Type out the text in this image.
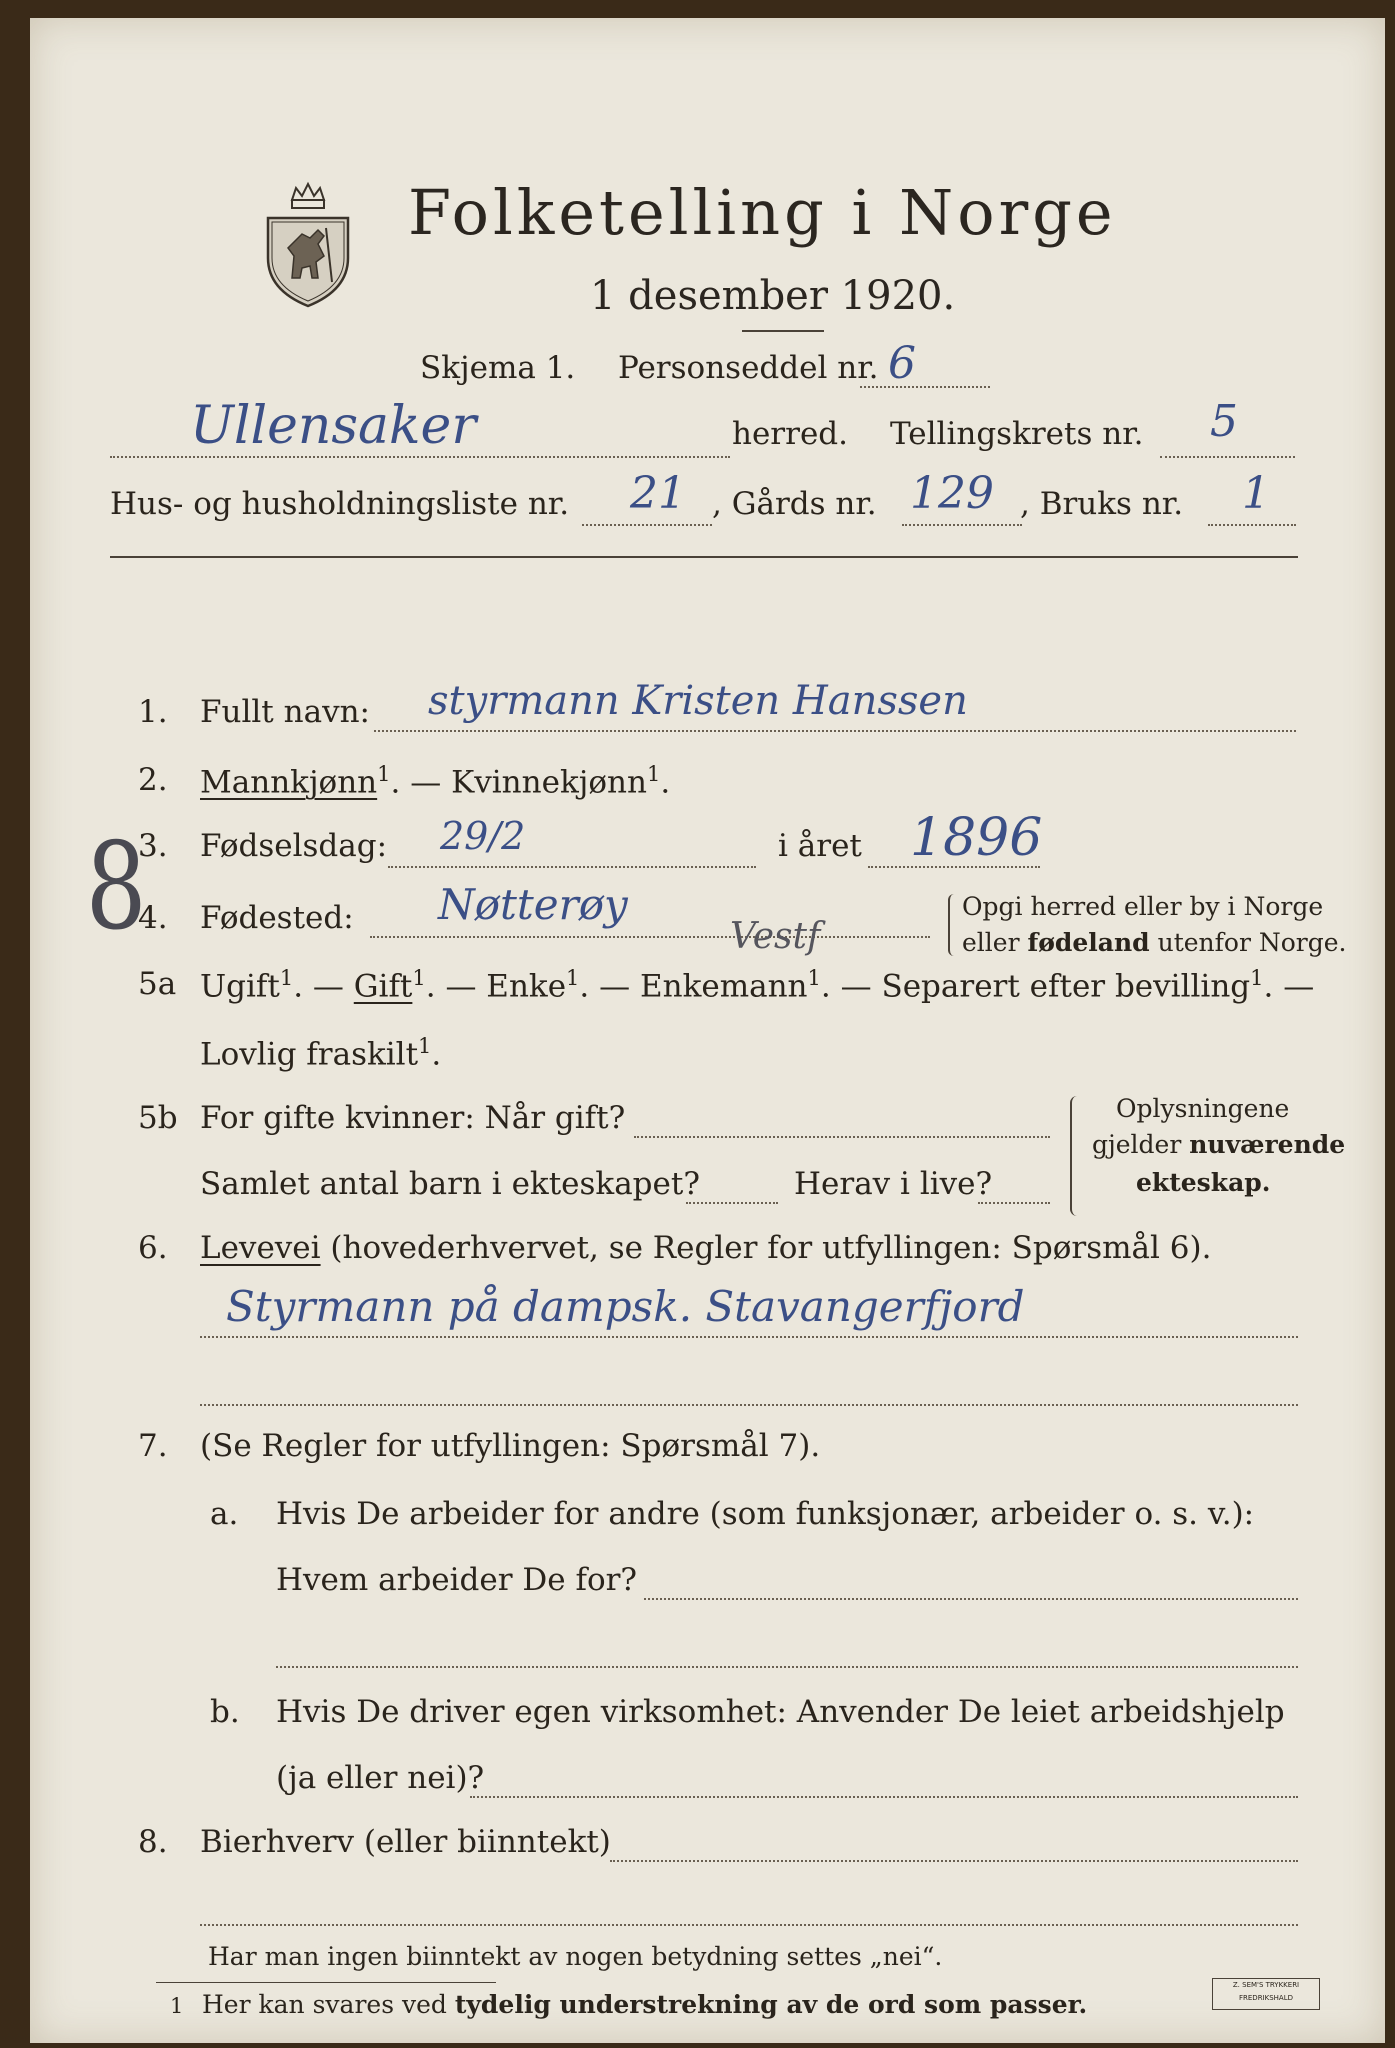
Folketelling i Norge
1 desember 1920.
Skjema 1. Personseddel nr. 6
Ullensaker	herred. Tellingskrets nr. 5
Hus- og husholdningsliste nr. 21 , Gårds nr. 129 , Bruks nr. 1
1. Fullt navn: styrmann Kristen Hanssen
2. Mannkjønn$^1$. — Kvinnekjønn$^1$.
8
3. Fødselsdag: 29/2	i året 1896
4. Fødested: Nøtterøy
Vestf
Opgi herred eller by i Norge
eller fødeland utenfor Norge.
5a Ugift$^1$. — Gift$^1$. — Enke$^1$. — Enkemann$^1$. — Separert efter bevilling$^1$. —
Lovlig fraskilt$^1$.
5b For gifte kvinner: Når gift?
Samlet antal barn i ekteskapet?	Herav i live?
Oplysningene
gjelder nuværende
ekteskap.
6. Levevei (hovederhvervet, se Regler for utfyllingen: Spørsmål 6).
Styrmann på dampsk. Stavangerfjord
7. (Se Regler for utfyllingen: Spørsmål 7).
a. Hvis De arbeider for andre (som funksjonær, arbeider o. s. v.):
Hvem arbeider De for?
b. Hvis De driver egen virksomhet: Anvender De leiet arbeidshjelp
(ja eller nei)?
8. Bierhverv (eller biinntekt)
Har man ingen biinntekt av nogen betydning settes „nei“.
1 Her kan svares ved tydelig understrekning av de ord som passer.
Z. SEM'S TRYKKERI
FREDRIKSHALD
